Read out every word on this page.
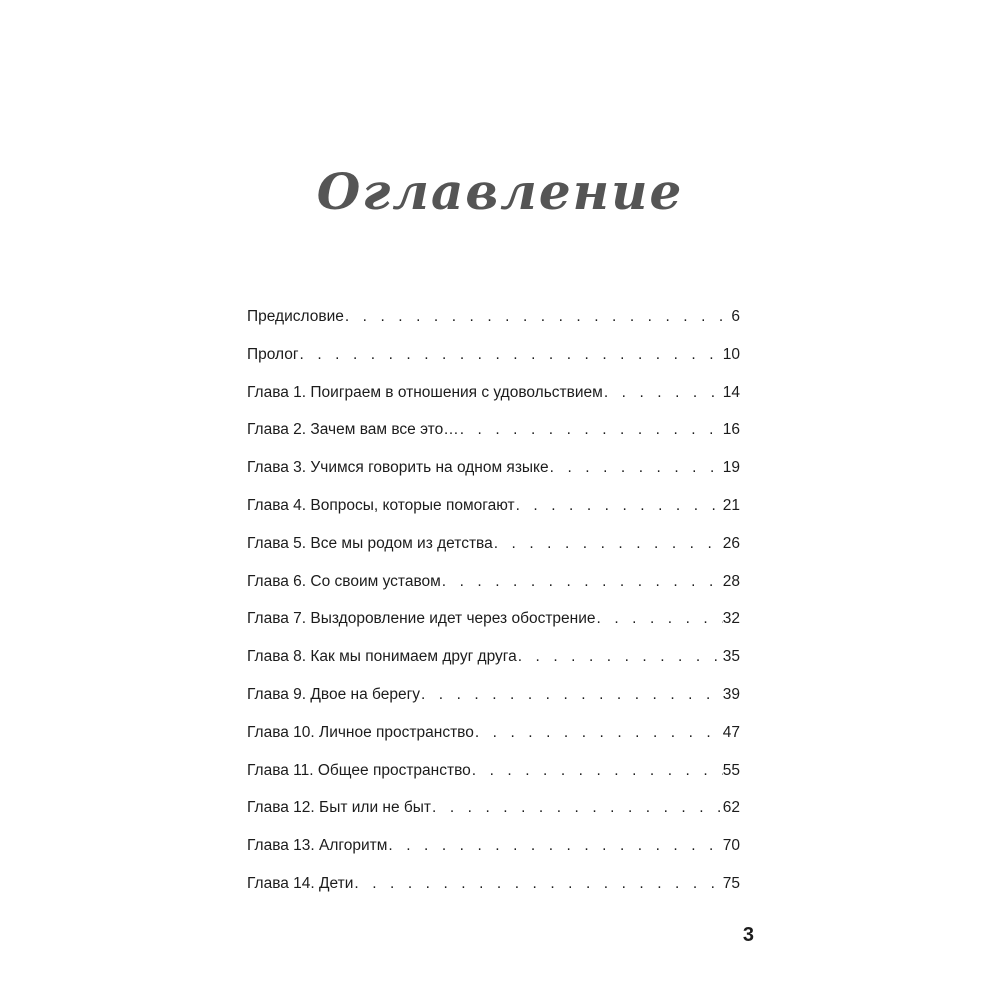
Оглавление
Предисловие . . .	6
Пролог . . .	10
Глава 1. Поиграем в отношения с удовольствием . . .	14
Глава 2. Зачем вам все это… . . .	16
Глава 3. Учимся говорить на одном языке . . .	19
Глава 4. Вопросы, которые помогают . . .	21
Глава 5. Все мы родом из детства . . .	26
Глава 6. Со своим уставом . . .	28
Глава 7. Выздоровление идет через обострение . . .	32
Глава 8. Как мы понимаем друг друга . . .	35
Глава 9. Двое на берегу . . .	39
Глава 10. Личное пространство . . .	47
Глава 11. Общее пространство . . .	55
Глава 12. Быт или не быт . . .	62
Глава 13. Алгоритм . . .	70
Глава 14. Дети . . .	75
3
